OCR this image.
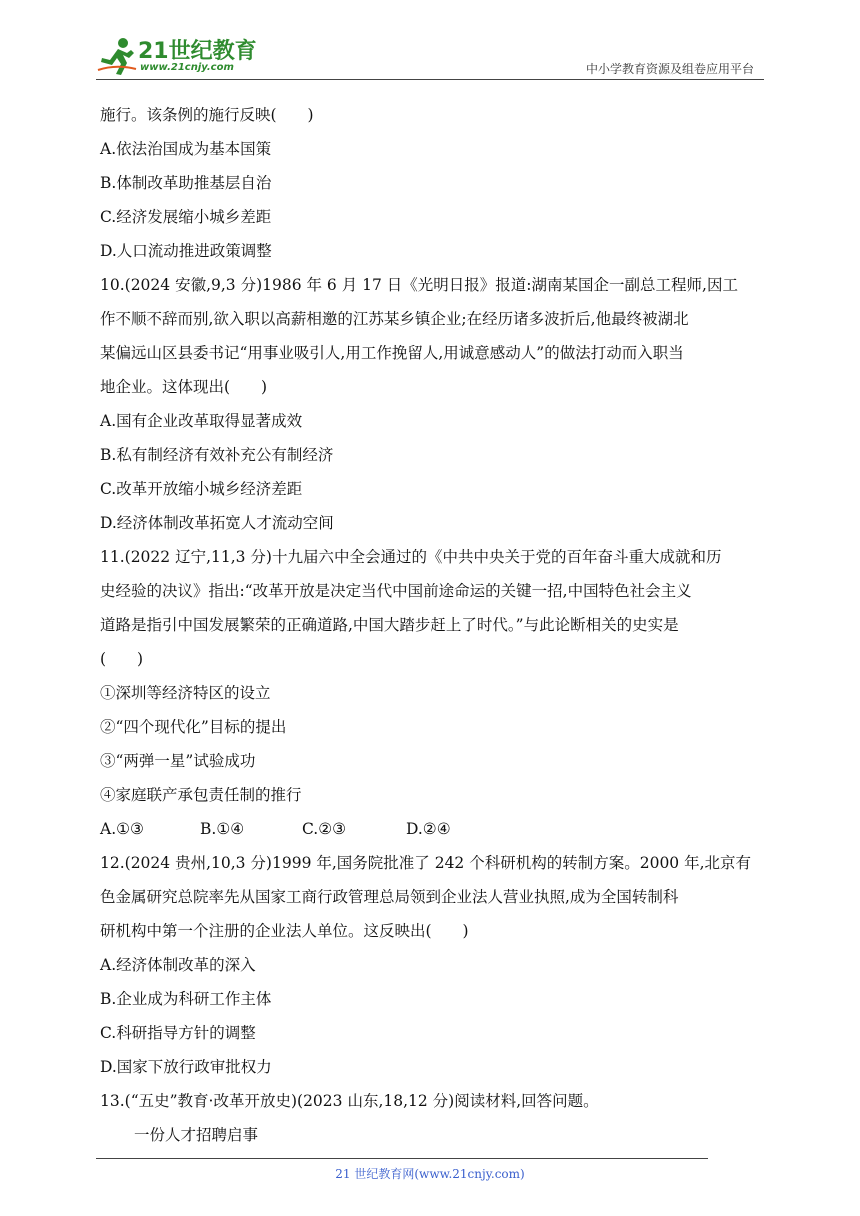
21世纪教育
www.21cnjy.com	中小学教育资源及组卷应用平台

施行。该条例的施行反映(　　)

A.依法治国成为基本国策

B.体制改革助推基层自治

C.经济发展缩小城乡差距

D.人口流动推进政策调整

10.(2024 安徽,9,3 分)1986 年 6 月 17 日《光明日报》报道:湖南某国企一副总工程师,因工

作不顺不辞而别,欲入职以高薪相邀的江苏某乡镇企业;在经历诸多波折后,他最终被湖北

某偏远山区县委书记“用事业吸引人,用工作挽留人,用诚意感动人”的做法打动而入职当

地企业。这体现出(　　)

A.国有企业改革取得显著成效

B.私有制经济有效补充公有制经济

C.改革开放缩小城乡经济差距

D.经济体制改革拓宽人才流动空间

11.(2022 辽宁,11,3 分)十九届六中全会通过的《中共中央关于党的百年奋斗重大成就和历

史经验的决议》指出:“改革开放是决定当代中国前途命运的关键一招,中国特色社会主义

道路是指引中国发展繁荣的正确道路,中国大踏步赶上了时代。”与此论断相关的史实是

(　　)

①深圳等经济特区的设立

②“四个现代化”目标的提出

③“两弹一星”试验成功

④家庭联产承包责任制的推行

A.①③	B.①④	C.②③	D.②④

12.(2024 贵州,10,3 分)1999 年,国务院批准了 242 个科研机构的转制方案。2000 年,北京有

色金属研究总院率先从国家工商行政管理总局领到企业法人营业执照,成为全国转制科

研机构中第一个注册的企业法人单位。这反映出(　　)

A.经济体制改革的深入

B.企业成为科研工作主体

C.科研指导方针的调整

D.国家下放行政审批权力

13.(“五史”教育·改革开放史)(2023 山东,18,12 分)阅读材料,回答问题。

一份人才招聘启事

21 世纪教育网(www.21cnjy.com)
